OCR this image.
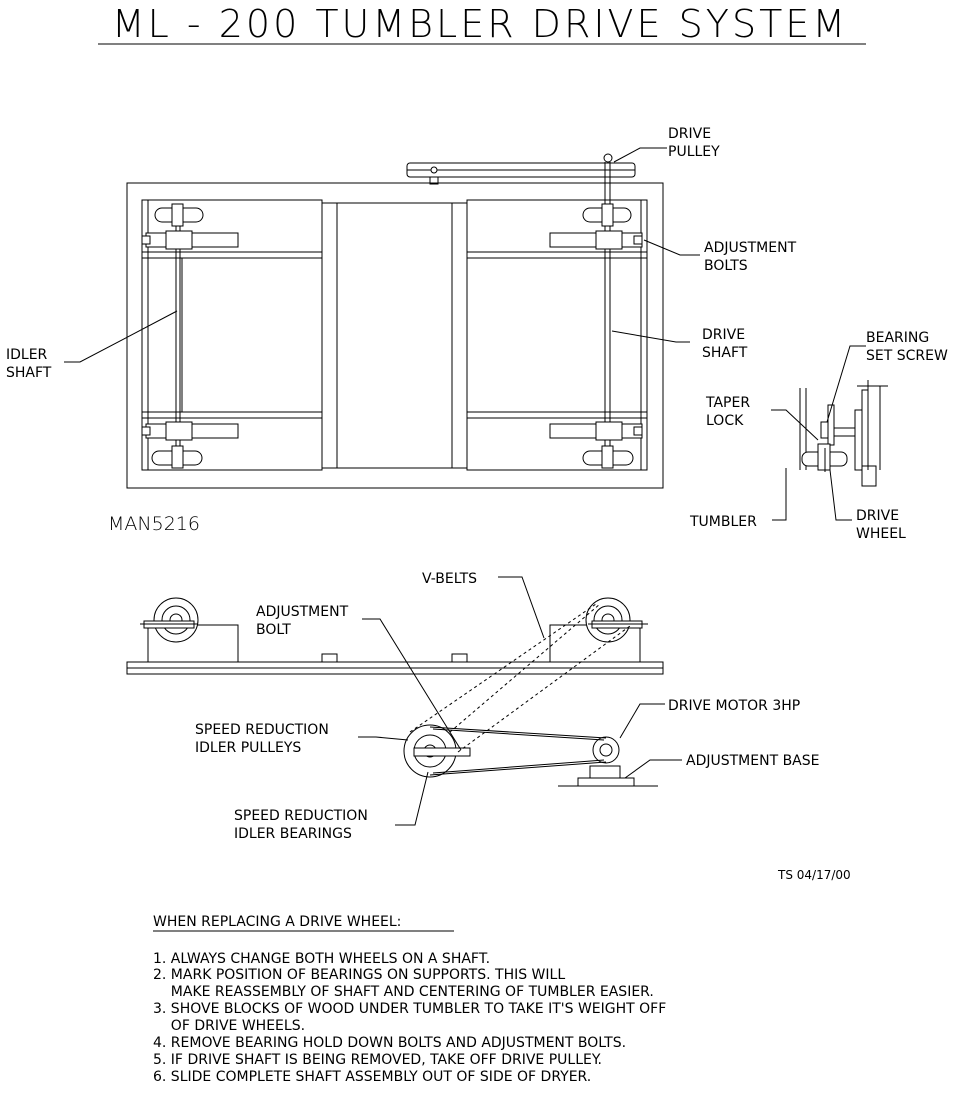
ML - 200 TUMBLER DRIVE SYSTEM
DRIVE
PULLEY
ADJUSTMENT
BOLTS
DRIVE
SHAFT
IDLER
SHAFT
MAN5216
BEARING
SET SCREW
TAPER
LOCK
TUMBLER	DRIVE
WHEEL
V-BELTS
ADJUSTMENT
BOLT
DRIVE MOTOR 3HP
SPEED REDUCTION
IDLER PULLEYS
ADJUSTMENT BASE
SPEED REDUCTION
IDLER BEARINGS
TS 04/17/00
WHEN REPLACING A DRIVE WHEEL:
1. ALWAYS CHANGE BOTH WHEELS ON A SHAFT.
2. MARK POSITION OF BEARINGS ON SUPPORTS. THIS WILL
MAKE REASSEMBLY OF SHAFT AND CENTERING OF TUMBLER EASIER.
3. SHOVE BLOCKS OF WOOD UNDER TUMBLER TO TAKE IT'S WEIGHT OFF
OF DRIVE WHEELS.
4. REMOVE BEARING HOLD DOWN BOLTS AND ADJUSTMENT BOLTS.
5. IF DRIVE SHAFT IS BEING REMOVED, TAKE OFF DRIVE PULLEY.
6. SLIDE COMPLETE SHAFT ASSEMBLY OUT OF SIDE OF DRYER.
